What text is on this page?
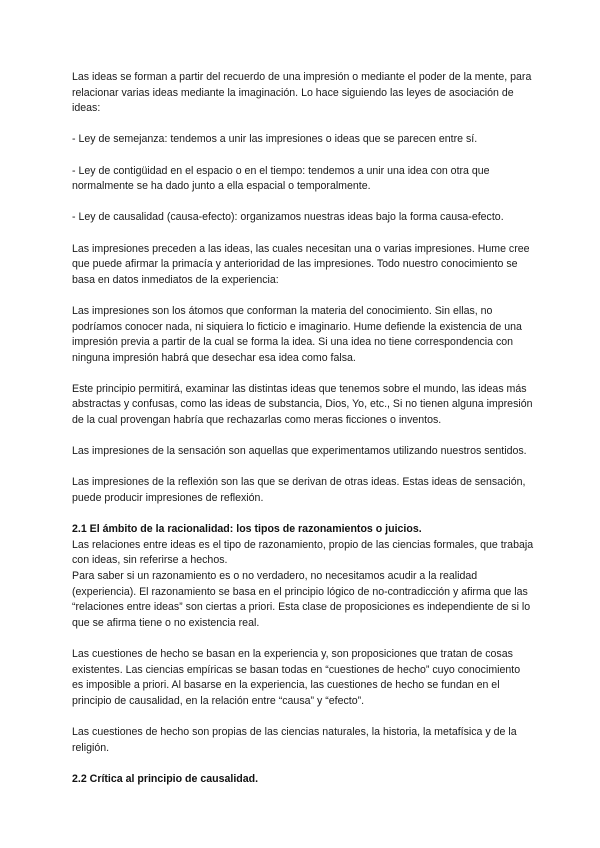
Las ideas se forman a partir del recuerdo de una impresión o mediante el poder de la mente, para relacionar varias ideas mediante la imaginación. Lo hace siguiendo las leyes de asociación de ideas:

- Ley de semejanza: tendemos a unir las impresiones o ideas que se parecen entre sí.

- Ley de contigüidad en el espacio o en el tiempo: tendemos a unir una idea con otra que normalmente se ha dado junto a ella espacial o temporalmente.

- Ley de causalidad (causa-efecto): organizamos nuestras ideas bajo la forma causa-efecto.

Las impresiones preceden a las ideas, las cuales necesitan una o varias impresiones. Hume cree que puede afirmar la primacía y anterioridad de las impresiones. Todo nuestro conocimiento se basa en datos inmediatos de la experiencia:

Las impresiones son los átomos que conforman la materia del conocimiento. Sin ellas, no podríamos conocer nada, ni siquiera lo ficticio e imaginario. Hume defiende la existencia de una impresión previa a partir de la cual se forma la idea. Si una idea no tiene correspondencia con ninguna impresión habrá que desechar esa idea como falsa.

Este principio permitirá, examinar las distintas ideas que tenemos sobre el mundo, las ideas más abstractas y confusas, como las ideas de substancia, Dios, Yo, etc., Si no tienen alguna impresión de la cual provengan habría que rechazarlas como meras ficciones o inventos.

Las impresiones de la sensación son aquellas que experimentamos utilizando nuestros sentidos.

Las impresiones de la reflexión son las que se derivan de otras ideas. Estas ideas de sensación, puede producir impresiones de reflexión.

2.1 El ámbito de la racionalidad: los tipos de razonamientos o juicios.

Las relaciones entre ideas es el tipo de razonamiento, propio de las ciencias formales, que trabaja con ideas, sin referirse a hechos.

Para saber si un razonamiento es o no verdadero, no necesitamos acudir a la realidad (experiencia). El razonamiento se basa en el principio lógico de no-contradicción y afirma que las “relaciones entre ideas” son ciertas a priori. Esta clase de proposiciones es independiente de si lo que se afirma tiene o no existencia real.

Las cuestiones de hecho se basan en la experiencia y, son proposiciones que tratan de cosas existentes. Las ciencias empíricas se basan todas en “cuestiones de hecho” cuyo conocimiento es imposible a priori. Al basarse en la experiencia, las cuestiones de hecho se fundan en el principio de causalidad, en la relación entre “causa” y “efecto”.

Las cuestiones de hecho son propias de las ciencias naturales, la historia, la metafísica y de la religión.

2.2 Crítica al principio de causalidad.
